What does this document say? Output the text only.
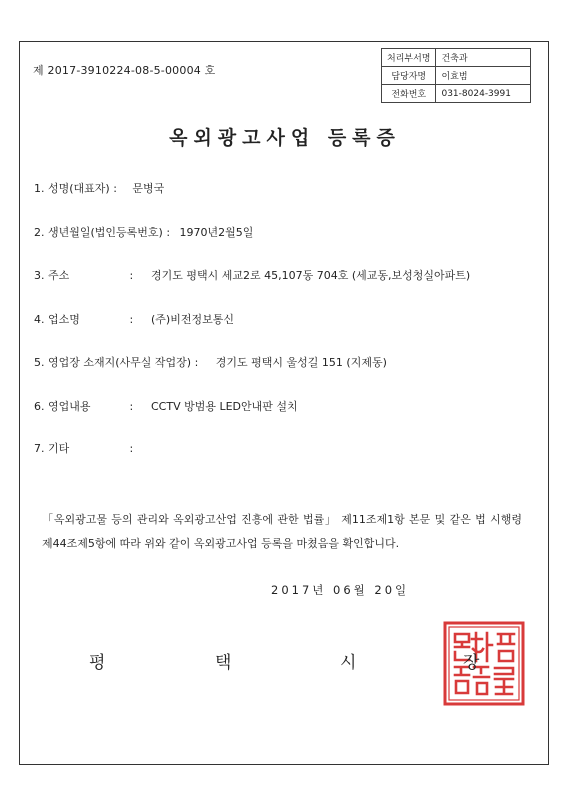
제 2017-3910224-08-5-00004 호
처리부서명	건축과
담당자명	이효범
전화번호	031-8024-3991
옥외광고사업 등록증
1. 성명(대표자) : 문병국
2. 생년월일(법인등록번호) : 1970년2월5일
3. 주소	: 경기도 평택시 세교2로 45,107동 704호 (세교동,보성청실아파트)
4. 업소명	: (주)비전정보통신
5. 영업장 소재지(사무실 작업장) : 경기도 평택시 울성길 151 (지제동)
6. 영업내용	: CCTV 방범용 LED안내판 설치
7. 기타	:
「옥외광고물 등의 관리와 옥외광고산업 진흥에 관한 법률」 제11조제1항 본문 및 같은 법 시행령 제44조제5항에 따라 위와 같이 옥외광고사업 등록을 마쳤음을 확인합니다.
2017년 06월 20일
평	택	시	장
